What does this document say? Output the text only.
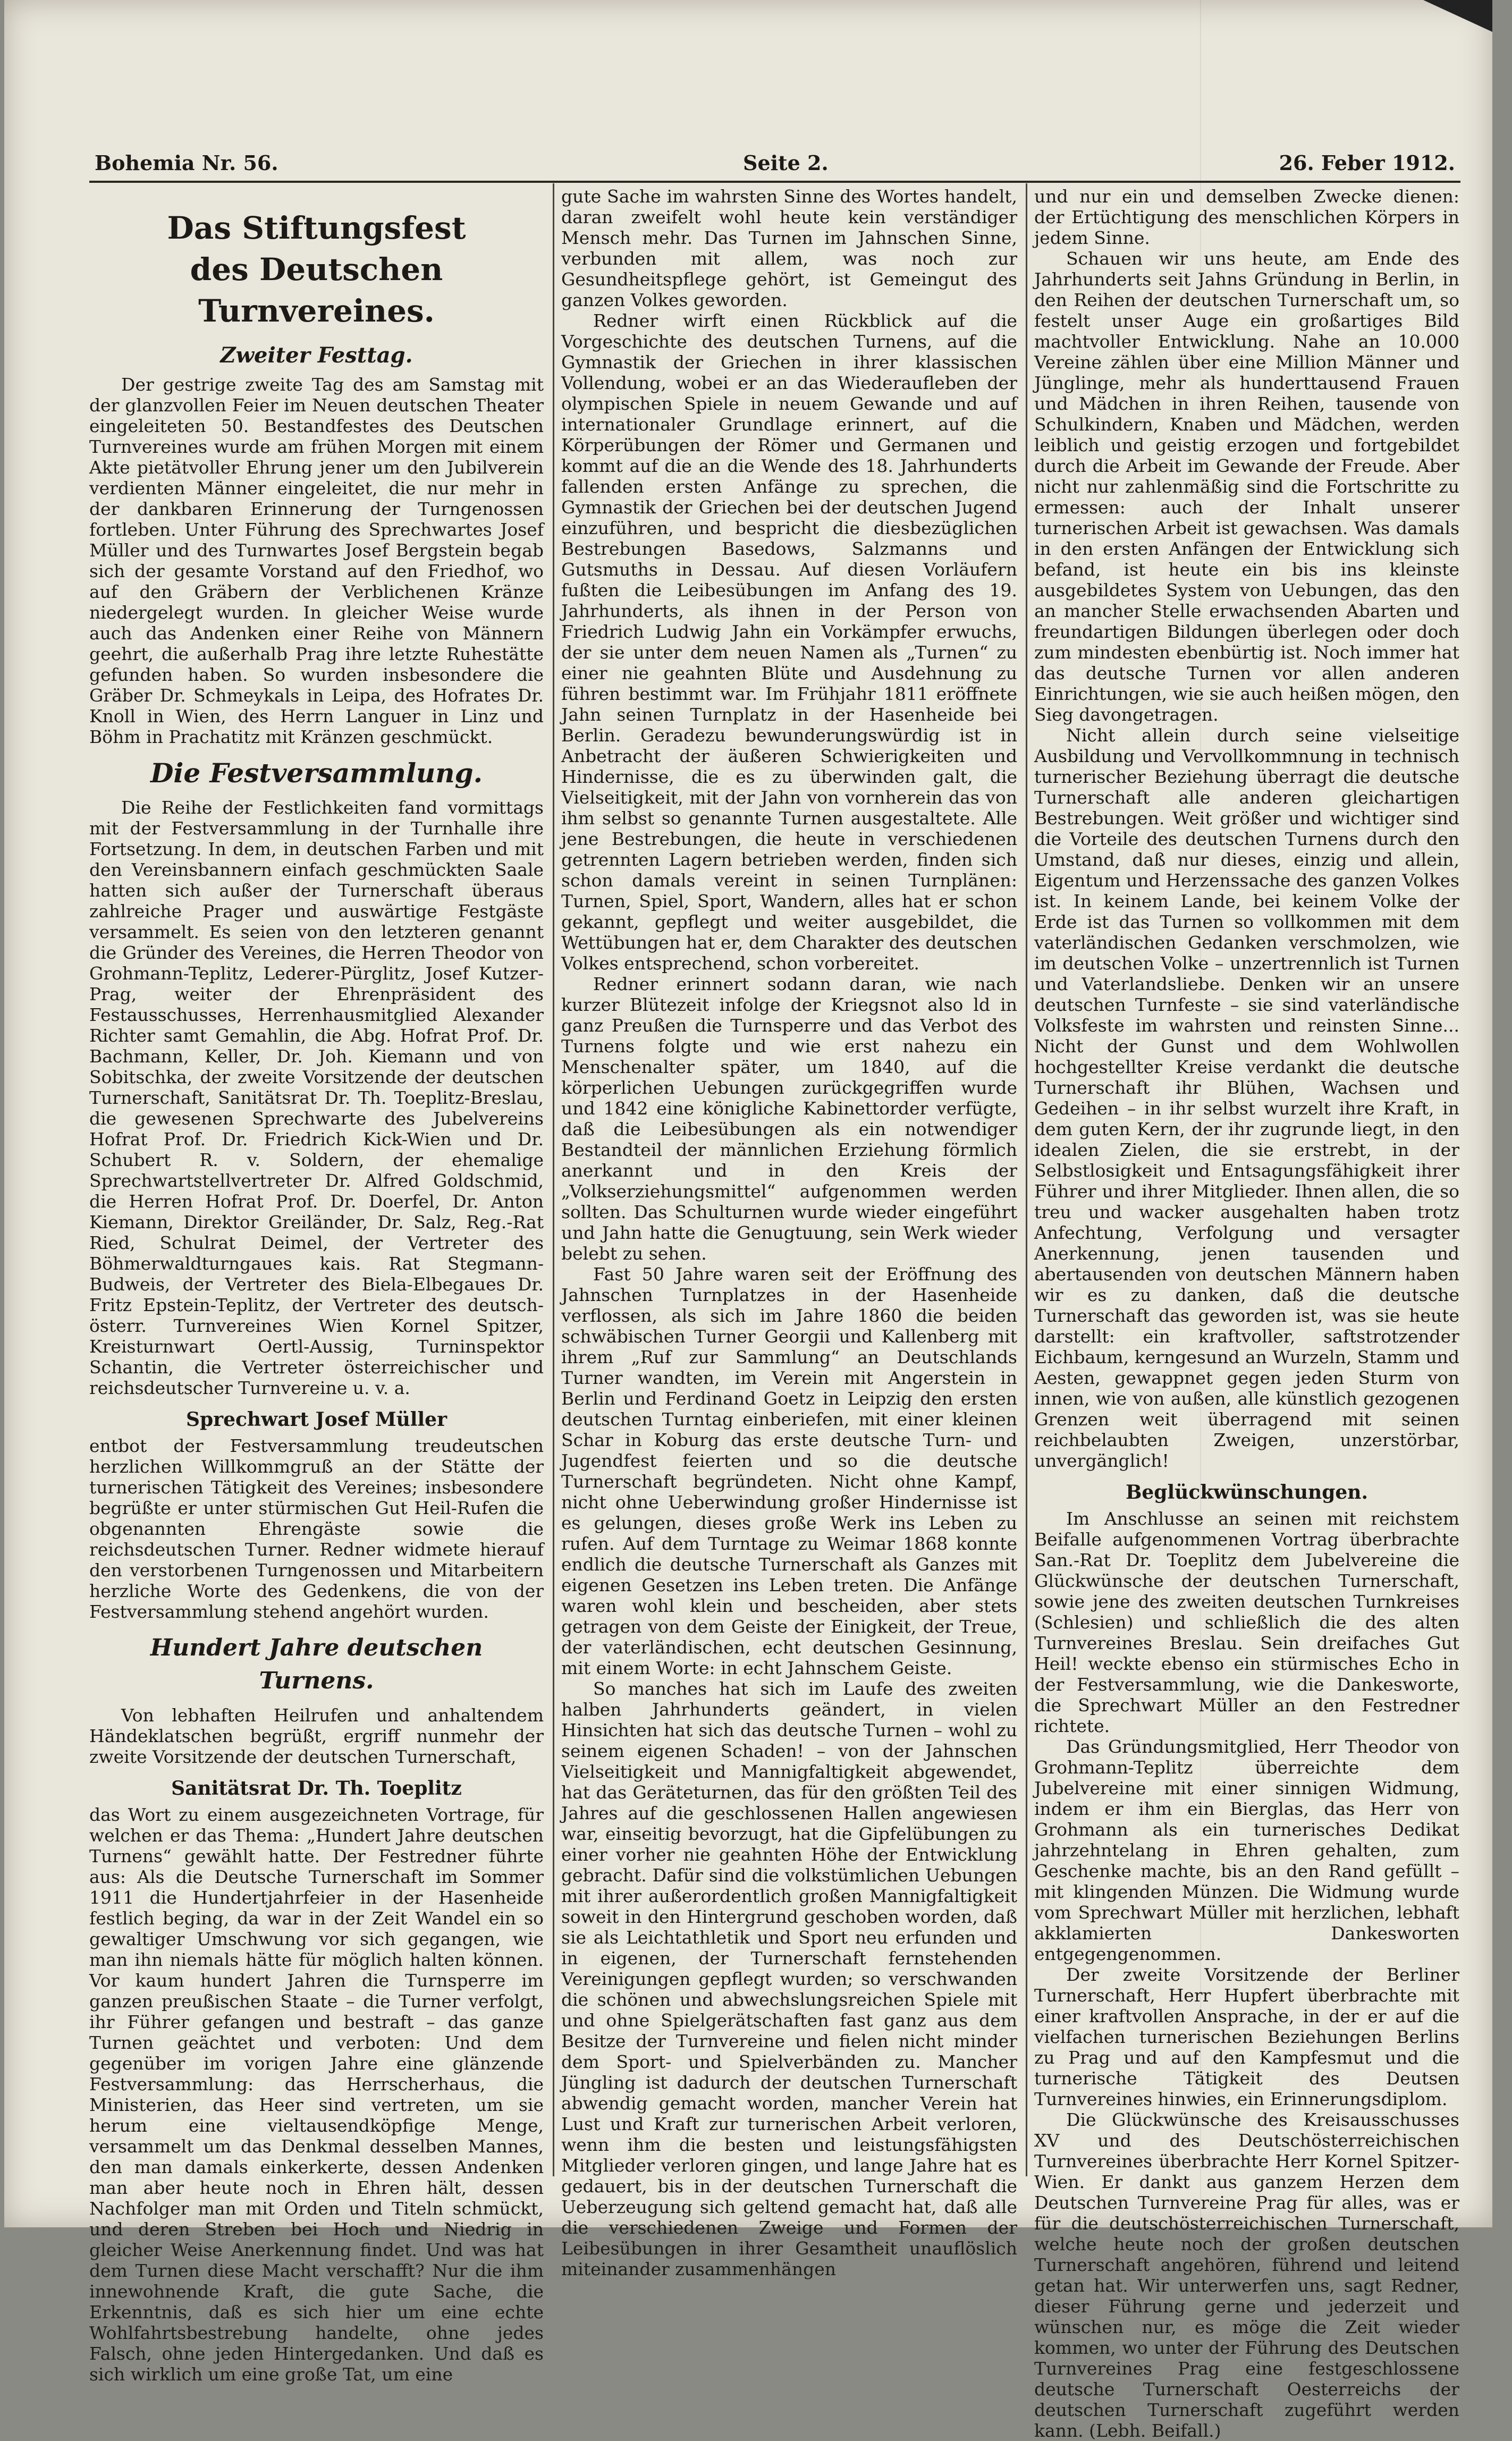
Bohemia Nr. 56.	Seite 2.	26. Feber 1912.
Das Stiftungsfest
des Deutschen Turnvereines.
Zweiter Festtag.

Der gestrige zweite Tag des am Samstag mit der glanzvollen Feier im Neuen deutschen Theater eingeleiteten 50. Bestandfestes des Deutschen Turnvereines wurde am frühen Morgen mit einem Akte pietätvoller Ehrung jener um den Jubilverein verdienten Männer eingeleitet, die nur mehr in der dankbaren Erinnerung der Turngenossen fortleben. Unter Führung des Sprechwartes Josef Müller und des Turnwartes Josef Bergstein begab sich der gesamte Vorstand auf den Friedhof, wo auf den Gräbern der Verblichenen Kränze niedergelegt wurden. In gleicher Weise wurde auch das Andenken einer Reihe von Männern geehrt, die außerhalb Prag ihre letzte Ruhestätte gefunden haben. So wurden insbesondere die Gräber Dr. Schmeykals in Leipa, des Hofrates Dr. Knoll in Wien, des Herrn Languer in Linz und Böhm in Prachatitz mit Kränzen geschmückt.

Die Festversammlung.

Die Reihe der Festlichkeiten fand vormittags mit der Festversammlung in der Turnhalle ihre Fortsetzung. In dem, in deutschen Farben und mit den Vereinsbannern einfach geschmückten Saale hatten sich außer der Turnerschaft überaus zahlreiche Prager und auswärtige Festgäste versammelt. Es seien von den letzteren genannt die Gründer des Vereines, die Herren Theodor von Grohmann-Teplitz, Lederer-Pürglitz, Josef Kutzer-Prag, weiter der Ehrenpräsident des Festausschusses, Herrenhausmitglied Alexander Richter samt Gemahlin, die Abg. Hofrat Prof. Dr. Bachmann, Keller, Dr. Joh. Kiemann und von Sobitschka, der zweite Vorsitzende der deutschen Turnerschaft, Sanitätsrat Dr. Th. Toeplitz-Breslau, die gewesenen Sprechwarte des Jubelvereins Hofrat Prof. Dr. Friedrich Kick-Wien und Dr. Schubert R. v. Soldern, der ehemalige Sprechwartstellvertreter Dr. Alfred Goldschmid, die Herren Hofrat Prof. Dr. Doerfel, Dr. Anton Kiemann, Direktor Greiländer, Dr. Salz, Reg.-Rat Ried, Schulrat Deimel, der Vertreter des Böhmerwaldturngaues kais. Rat Stegmann-Budweis, der Vertreter des Biela-Elbegaues Dr. Fritz Epstein-Teplitz, der Vertreter des deutsch-österr. Turnvereines Wien Kornel Spitzer, Kreisturnwart Oertl-Aussig, Turninspektor Schantin, die Vertreter österreichischer und reichsdeutscher Turnvereine u. v. a.

Sprechwart Josef Müller

entbot der Festversammlung treudeutschen herzlichen Willkommgruß an der Stätte der turnerischen Tätigkeit des Vereines; insbesondere begrüßte er unter stürmischen Gut Heil-Rufen die obgenannten Ehrengäste sowie die reichsdeutschen Turner. Redner widmete hierauf den verstorbenen Turngenossen und Mitarbeitern herzliche Worte des Gedenkens, die von der Festversammlung stehend angehört wurden.

Hundert Jahre deutschen Turnens.

Von lebhaften Heilrufen und anhaltendem Händeklatschen begrüßt, ergriff nunmehr der zweite Vorsitzende der deutschen Turnerschaft,

Sanitätsrat Dr. Th. Toeplitz

das Wort zu einem ausgezeichneten Vortrage, für welchen er das Thema: „Hundert Jahre deutschen Turnens“ gewählt hatte. Der Festredner führte aus: Als die Deutsche Turnerschaft im Sommer 1911 die Hundertjahrfeier in der Hasenheide festlich beging, da war in der Zeit Wandel ein so gewaltiger Umschwung vor sich gegangen, wie man ihn niemals hätte für möglich halten können. Vor kaum hundert Jahren die Turnsperre im ganzen preußischen Staate – die Turner verfolgt, ihr Führer gefangen und bestraft – das ganze Turnen geächtet und verboten: Und dem gegenüber im vorigen Jahre eine glänzende Festversammlung: das Herrscherhaus, die Ministerien, das Heer sind vertreten, um sie herum eine vieltausendköpfige Menge, versammelt um das Denkmal desselben Mannes, den man damals einkerkerte, dessen Andenken man aber heute noch in Ehren hält, dessen Nachfolger man mit Orden und Titeln schmückt, und deren Streben bei Hoch und Niedrig in gleicher Weise Anerkennung findet. Und was hat dem Turnen diese Macht verschafft? Nur die ihm innewohnende Kraft, die gute Sache, die Erkenntnis, daß es sich hier um eine echte Wohlfahrtsbestrebung handelte, ohne jedes Falsch, ohne jeden Hintergedanken. Und daß es sich wirklich um eine große Tat, um eine

gute Sache im wahrsten Sinne des Wortes handelt, daran zweifelt wohl heute kein verständiger Mensch mehr. Das Turnen im Jahnschen Sinne, verbunden mit allem, was noch zur Gesundheitspflege gehört, ist Gemeingut des ganzen Volkes geworden.

Redner wirft einen Rückblick auf die Vorgeschichte des deutschen Turnens, auf die Gymnastik der Griechen in ihrer klassischen Vollendung, wobei er an das Wiederaufleben der olympischen Spiele in neuem Gewande und auf internationaler Grundlage erinnert, auf die Körperübungen der Römer und Germanen und kommt auf die an die Wende des 18. Jahrhunderts fallenden ersten Anfänge zu sprechen, die Gymnastik der Griechen bei der deutschen Jugend einzuführen, und bespricht die diesbezüglichen Bestrebungen Basedows, Salzmanns und Gutsmuths in Dessau. Auf diesen Vorläufern fußten die Leibesübungen im Anfang des 19. Jahrhunderts, als ihnen in der Person von Friedrich Ludwig Jahn ein Vorkämpfer erwuchs, der sie unter dem neuen Namen als „Turnen“ zu einer nie geahnten Blüte und Ausdehnung zu führen bestimmt war. Im Frühjahr 1811 eröffnete Jahn seinen Turnplatz in der Hasenheide bei Berlin. Geradezu bewunderungswürdig ist in Anbetracht der äußeren Schwierigkeiten und Hindernisse, die es zu überwinden galt, die Vielseitigkeit, mit der Jahn von vornherein das von ihm selbst so genannte Turnen ausgestaltete. Alle jene Bestrebungen, die heute in verschiedenen getrennten Lagern betrieben werden, finden sich schon damals vereint in seinen Turnplänen: Turnen, Spiel, Sport, Wandern, alles hat er schon gekannt, gepflegt und weiter ausgebildet, die Wettübungen hat er, dem Charakter des deutschen Volkes entsprechend, schon vorbereitet.

Redner erinnert sodann daran, wie nach kurzer Blütezeit infolge der Kriegsnot also ld in ganz Preußen die Turnsperre und das Verbot des Turnens folgte und wie erst nahezu ein Menschenalter später, um 1840, auf die körperlichen Uebungen zurückgegriffen wurde und 1842 eine königliche Kabinettorder verfügte, daß die Leibesübungen als ein notwendiger Bestandteil der männlichen Erziehung förmlich anerkannt und in den Kreis der „Volkserziehungsmittel“ aufgenommen werden sollten. Das Schulturnen wurde wieder eingeführt und Jahn hatte die Genugtuung, sein Werk wieder belebt zu sehen.

Fast 50 Jahre waren seit der Eröffnung des Jahnschen Turnplatzes in der Hasenheide verflossen, als sich im Jahre 1860 die beiden schwäbischen Turner Georgii und Kallenberg mit ihrem „Ruf zur Sammlung“ an Deutschlands Turner wandten, im Verein mit Angerstein in Berlin und Ferdinand Goetz in Leipzig den ersten deutschen Turntag einberiefen, mit einer kleinen Schar in Koburg das erste deutsche Turn- und Jugendfest feierten und so die deutsche Turnerschaft begründeten. Nicht ohne Kampf, nicht ohne Ueberwindung großer Hindernisse ist es gelungen, dieses große Werk ins Leben zu rufen. Auf dem Turntage zu Weimar 1868 konnte endlich die deutsche Turnerschaft als Ganzes mit eigenen Gesetzen ins Leben treten. Die Anfänge waren wohl klein und bescheiden, aber stets getragen von dem Geiste der Einigkeit, der Treue, der vaterländischen, echt deutschen Gesinnung, mit einem Worte: in echt Jahnschem Geiste.

So manches hat sich im Laufe des zweiten halben Jahrhunderts geändert, in vielen Hinsichten hat sich das deutsche Turnen – wohl zu seinem eigenen Schaden! – von der Jahnschen Vielseitigkeit und Mannigfaltigkeit abgewendet, hat das Geräteturnen, das für den größten Teil des Jahres auf die geschlossenen Hallen angewiesen war, einseitig bevorzugt, hat die Gipfelübungen zu einer vorher nie geahnten Höhe der Entwicklung gebracht. Dafür sind die volkstümlichen Uebungen mit ihrer außerordentlich großen Mannigfaltigkeit soweit in den Hintergrund geschoben worden, daß sie als Leichtathletik und Sport neu erfunden und in eigenen, der Turnerschaft fernstehenden Vereinigungen gepflegt wurden; so verschwanden die schönen und abwechslungsreichen Spiele mit und ohne Spielgerätschaften fast ganz aus dem Besitze der Turnvereine und fielen nicht minder dem Sport- und Spielverbänden zu. Mancher Jüngling ist dadurch der deutschen Turnerschaft abwendig gemacht worden, mancher Verein hat Lust und Kraft zur turnerischen Arbeit verloren, wenn ihm die besten und leistungsfähigsten Mitglieder verloren gingen, und lange Jahre hat es gedauert, bis in der deutschen Turnerschaft die Ueberzeugung sich geltend gemacht hat, daß alle die verschiedenen Zweige und Formen der Leibesübungen in ihrer Gesamtheit unauflöslich miteinander zusammenhängen

und nur ein und demselben Zwecke dienen: der Ertüchtigung des menschlichen Körpers in jedem Sinne.

Schauen wir uns heute, am Ende des Jahrhunderts seit Jahns Gründung in Berlin, in den Reihen der deutschen Turnerschaft um, so festelt unser Auge ein großartiges Bild machtvoller Entwicklung. Nahe an 10.000 Vereine zählen über eine Million Männer und Jünglinge, mehr als hunderttausend Frauen und Mädchen in ihren Reihen, tausende von Schulkindern, Knaben und Mädchen, werden leiblich und geistig erzogen und fortgebildet durch die Arbeit im Gewande der Freude. Aber nicht nur zahlenmäßig sind die Fortschritte zu ermessen: auch der Inhalt unserer turnerischen Arbeit ist gewachsen. Was damals in den ersten Anfängen der Entwicklung sich befand, ist heute ein bis ins kleinste ausgebildetes System von Uebungen, das den an mancher Stelle erwachsenden Abarten und freundartigen Bildungen überlegen oder doch zum mindesten ebenbürtig ist. Noch immer hat das deutsche Turnen vor allen anderen Einrichtungen, wie sie auch heißen mögen, den Sieg davongetragen.

Nicht allein durch seine vielseitige Ausbildung und Vervollkommnung in technisch turnerischer Beziehung überragt die deutsche Turnerschaft alle anderen gleichartigen Bestrebungen. Weit größer und wichtiger sind die Vorteile des deutschen Turnens durch den Umstand, daß nur dieses, einzig und allein, Eigentum und Herzenssache des ganzen Volkes ist. In keinem Lande, bei keinem Volke der Erde ist das Turnen so vollkommen mit dem vaterländischen Gedanken verschmolzen, wie im deutschen Volke – unzertrennlich ist Turnen und Vaterlandsliebe. Denken wir an unsere deutschen Turnfeste – sie sind vaterländische Volksfeste im wahrsten und reinsten Sinne... Nicht der Gunst und dem Wohlwollen hochgestellter Kreise verdankt die deutsche Turnerschaft ihr Blühen, Wachsen und Gedeihen – in ihr selbst wurzelt ihre Kraft, in dem guten Kern, der ihr zugrunde liegt, in den idealen Zielen, die sie erstrebt, in der Selbstlosigkeit und Entsagungsfähigkeit ihrer Führer und ihrer Mitglieder. Ihnen allen, die so treu und wacker ausgehalten haben trotz Anfechtung, Verfolgung und versagter Anerkennung, jenen tausenden und abertausenden von deutschen Männern haben wir es zu danken, daß die deutsche Turnerschaft das geworden ist, was sie heute darstellt: ein kraftvoller, saftstrotzender Eichbaum, kerngesund an Wurzeln, Stamm und Aesten, gewappnet gegen jeden Sturm von innen, wie von außen, alle künstlich gezogenen Grenzen weit überragend mit seinen reichbelaubten Zweigen, unzerstörbar, unvergänglich!

Beglückwünschungen.

Im Anschlusse an seinen mit reichstem Beifalle aufgenommenen Vortrag überbrachte San.-Rat Dr. Toeplitz dem Jubelvereine die Glückwünsche der deutschen Turnerschaft, sowie jene des zweiten deutschen Turnkreises (Schlesien) und schließlich die des alten Turnvereines Breslau. Sein dreifaches Gut Heil! weckte ebenso ein stürmisches Echo in der Festversammlung, wie die Dankesworte, die Sprechwart Müller an den Festredner richtete.

Das Gründungsmitglied, Herr Theodor von Grohmann-Teplitz überreichte dem Jubelvereine mit einer sinnigen Widmung, indem er ihm ein Bierglas, das Herr von Grohmann als ein turnerisches Dedikat jahrzehntelang in Ehren gehalten, zum Geschenke machte, bis an den Rand gefüllt – mit klingenden Münzen. Die Widmung wurde vom Sprechwart Müller mit herzlichen, lebhaft akklamierten Dankesworten entgegengenommen.

Der zweite Vorsitzende der Berliner Turnerschaft, Herr Hupfert überbrachte mit einer kraftvollen Ansprache, in der er auf die vielfachen turnerischen Beziehungen Berlins zu Prag und auf den Kampfesmut und die turnerische Tätigkeit des Deutsen Turnvereines hinwies, ein Erinnerungsdiplom.

Die Glückwünsche des Kreisausschusses XV und des Deutschösterreichischen Turnvereines überbrachte Herr Kornel Spitzer-Wien. Er dankt aus ganzem Herzen dem Deutschen Turnvereine Prag für alles, was er für die deutschösterreichischen Turnerschaft, welche heute noch der großen deutschen Turnerschaft angehören, führend und leitend getan hat. Wir unterwerfen uns, sagt Redner, dieser Führung gerne und jederzeit und wünschen nur, es möge die Zeit wieder kommen, wo unter der Führung des Deutschen Turnvereines Prag eine festgeschlossene deutsche Turnerschaft Oesterreichs der deutschen Turnerschaft zugeführt werden kann. (Lebh. Beifall.)
